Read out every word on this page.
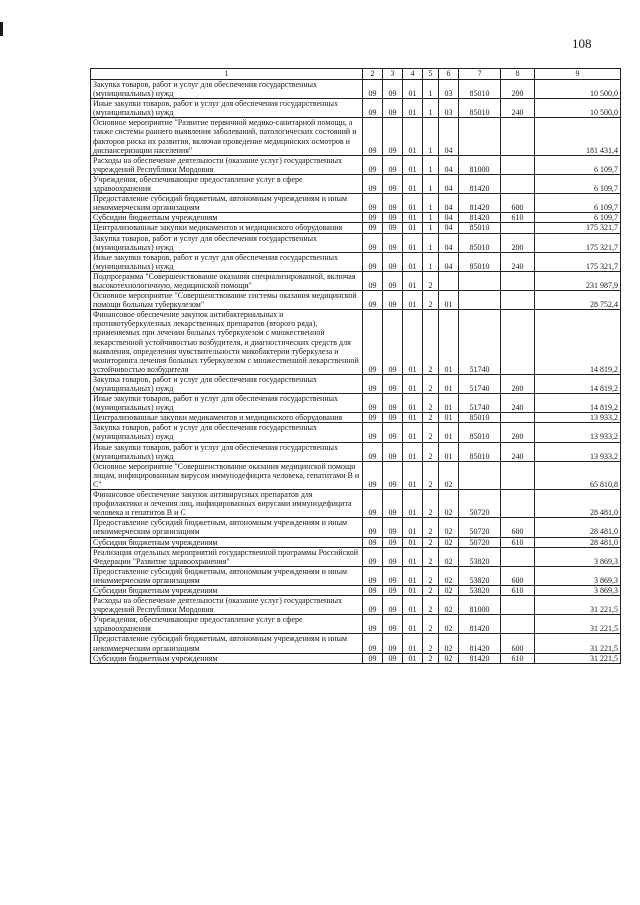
108
1	2	3	4	5	6	7	8	9
Закупка товаров, работ и услуг для обеспечения государственных (муниципальных) нужд	09	09	01	1	03	85010	200	10 500,0
Иные закупки товаров, работ и услуг для обеспечения государственных (муниципальных) нужд	09	09	01	1	03	85010	240	10 500,0
Основное мероприятие "Развитие первичной медико-санитарной помощи, а также системы раннего выявления заболеваний, патологических состояний и факторов риска их развития, включая проведение медицинских осмотров и диспансеризации населения"	09	09	01	1	04			181 431,4
Расходы на обеспечение деятельности (оказание услуг) государственных учреждений Республики Мордовия	09	09	01	1	04	81000		6 109,7
Учреждения, обеспечивающие предоставление услуг в сфере здравоохранения	09	09	01	1	04	81420		6 109,7
Предоставление субсидий бюджетным, автономным учреждениям и иным некоммерческим организациям	09	09	01	1	04	81420	600	6 109,7
Субсидии бюджетным учреждениям	09	09	01	1	04	81420	610	6 109,7
Централизованные закупки медикаментов и медицинского оборудования	09	09	01	1	04	85010		175 321,7
Закупка товаров, работ и услуг для обеспечения государственных (муниципальных) нужд	09	09	01	1	04	85010	200	175 321,7
Иные закупки товаров, работ и услуг для обеспечения государственных (муниципальных) нужд	09	09	01	1	04	85010	240	175 321,7
Подпрограмма "Совершенствование оказания специализированной, включая высокотехнологичную, медицинской помощи"	09	09	01	2				231 987,9
Основное мероприятие "Совершенствование системы оказания медицинской помощи больным туберкулезом"	09	09	01	2	01			28 752,4
Финансовое обеспечение закупок антибактериальных и противотуберкулезных лекарственных препаратов (второго ряда), применяемых при лечении больных туберкулезом с множественной лекарственной устойчивостью возбудителя, и диагностических средств для выявления, определения чувствительности микобактерии туберкулеза и мониторинга лечения больных туберкулезом с множественной лекарственной устойчивостью возбудителя	09	09	01	2	01	51740		14 819,2
Закупка товаров, работ и услуг для обеспечения государственных (муниципальных) нужд	09	09	01	2	01	51740	200	14 819,2
Иные закупки товаров, работ и услуг для обеспечения государственных (муниципальных) нужд	09	09	01	2	01	51740	240	14 819,2
Централизованные закупки медикаментов и медицинского оборудования	09	09	01	2	01	85010		13 933,2
Закупка товаров, работ и услуг для обеспечения государственных (муниципальных) нужд	09	09	01	2	01	85010	200	13 933,2
Иные закупки товаров, работ и услуг для обеспечения государственных (муниципальных) нужд	09	09	01	2	01	85010	240	13 933,2
Основное мероприятие "Совершенствование оказания медицинской помощи лицам, инфицированным вирусом иммунодефицита человека, гепатитами В и С"	09	09	01	2	02			65 810,8
Финансовое обеспечение закупок антивирусных препаратов для профилактики и лечения лиц, инфицированных вирусами иммунодефицита человека и гепатитов В и С	09	09	01	2	02	50720		28 481,0
Предоставление субсидий бюджетным, автономным учреждениям и иным некоммерческим организациям	09	09	01	2	02	50720	600	28 481,0
Субсидии бюджетным учреждениям	09	09	01	2	02	50720	610	28 481,0
Реализация отдельных мероприятий государственной программы Российской Федерации "Развитие здравоохранения"	09	09	01	2	02	53820		3 869,3
Предоставление субсидий бюджетным, автономным учреждениям и иным некоммерческим организациям	09	09	01	2	02	53820	600	3 869,3
Субсидии бюджетным учреждениям	09	09	01	2	02	53820	610	3 869,3
Расходы на обеспечение деятельности (оказание услуг) государственных учреждений Республики Мордовия	09	09	01	2	02	81000		31 221,5
Учреждения, обеспечивающие предоставление услуг в сфере здравоохранения	09	09	01	2	02	81420		31 221,5
Предоставление субсидий бюджетным, автономным учреждениям и иным некоммерческим организациям	09	09	01	2	02	81420	600	31 221,5
Субсидии бюджетным учреждениям	09	09	01	2	02	81420	610	31 221,5
